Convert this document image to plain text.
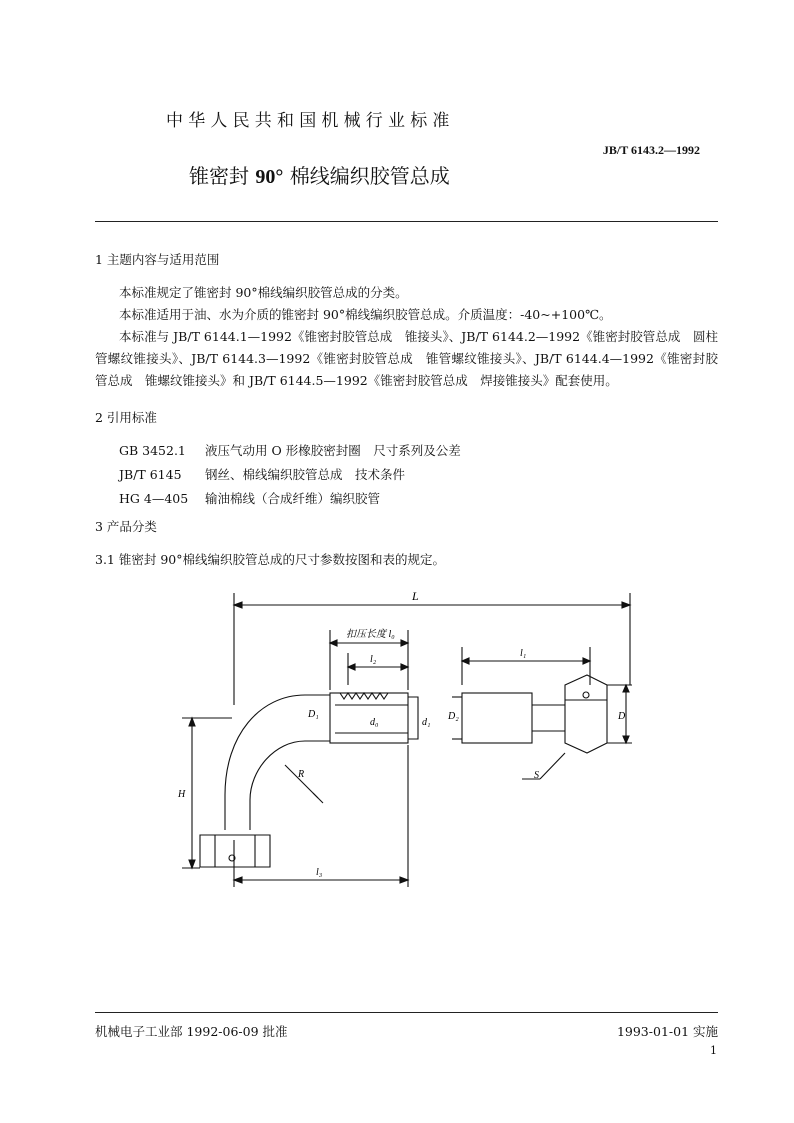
中华人民共和国机械行业标准
JB/T 6143.2—1992
锥密封 90° 棉线编织胶管总成
1 主题内容与适用范围
本标准规定了锥密封 90°棉线编织胶管总成的分类。
本标准适用于油、水为介质的锥密封 90°棉线编织胶管总成。介质温度：-40~+100℃。
本标准与 JB/T 6144.1—1992《锥密封胶管总成　锥接头》、JB/T 6144.2—1992《锥密封胶管总成　圆柱管螺纹锥接头》、JB/T 6144.3—1992《锥密封胶管总成　锥管螺纹锥接头》、JB/T 6144.4—1992《锥密封胶管总成　锥螺纹锥接头》和 JB/T 6144.5—1992《锥密封胶管总成　焊接锥接头》配套使用。
2 引用标准
GB 3452.1 液压气动用 O 形橡胶密封圈　尺寸系列及公差
JB/T 6145 钢丝、棉线编织胶管总成　技术条件
HG 4—405 输油棉线（合成纤维）编织胶管
3 产品分类
3.1 锥密封 90°棉线编织胶管总成的尺寸参数按图和表的规定。
L
扣压长度 l₀
l₂
l₁
D₁
d₀	d₁
D₂	D
R
H
S
l₃
机械电子工业部 1992-06-09 批准	1993-01-01 实施
1
